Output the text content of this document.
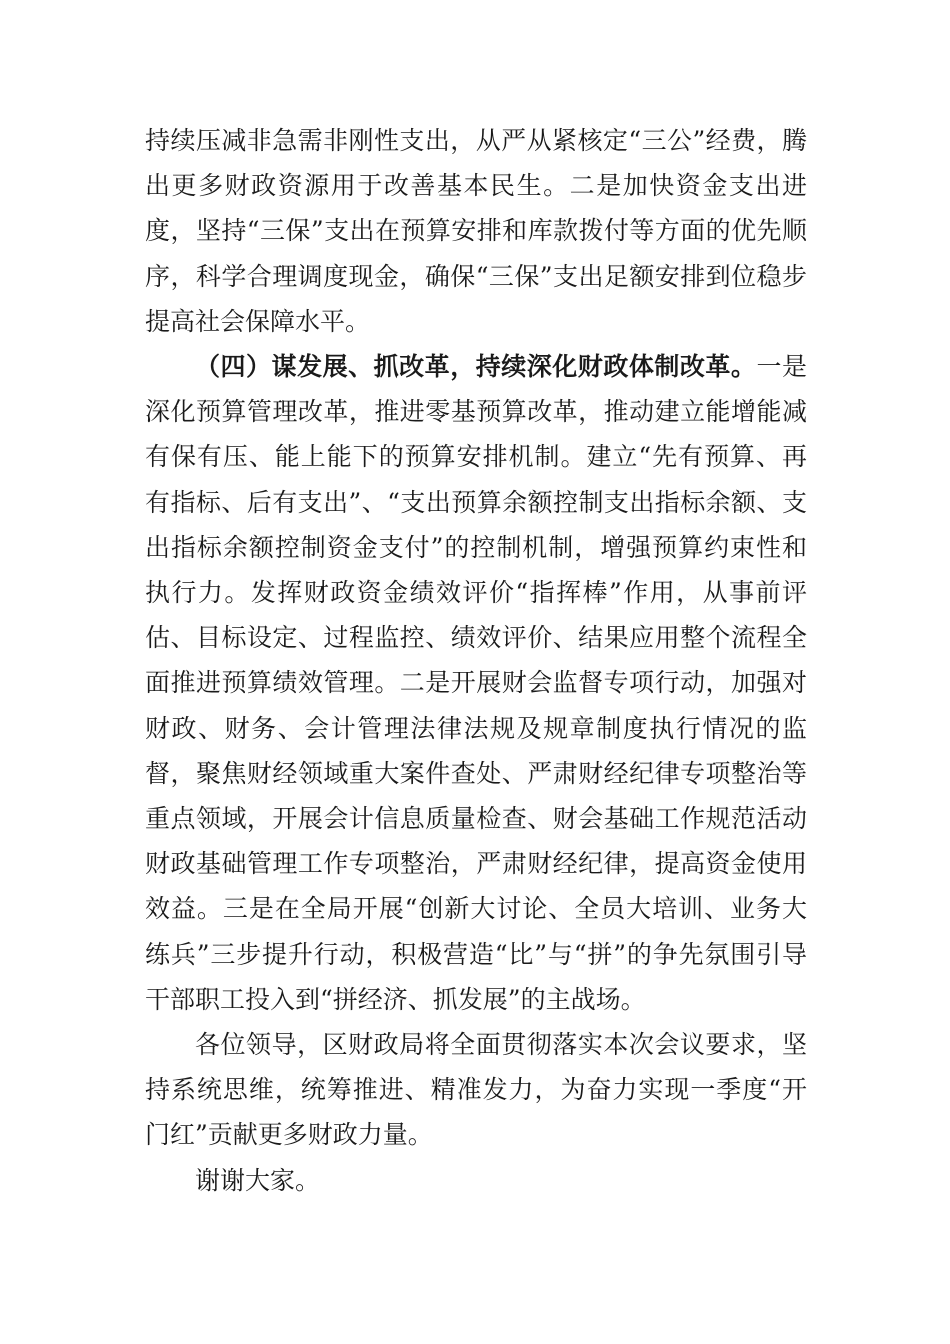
持续压减非急需非刚性支出，从严从紧核定“三公”经费，腾出更多财政资源用于改善基本民生。二是加快资金支出进度，坚持“三保”支出在预算安排和库款拨付等方面的优先顺序，科学合理调度现金，确保“三保”支出足额安排到位稳步提高社会保障水平。

（四）谋发展、抓改革，持续深化财政体制改革。一是深化预算管理改革，推进零基预算改革，推动建立能增能减有保有压、能上能下的预算安排机制。建立“先有预算、再有指标、后有支出”、“支出预算余额控制支出指标余额、支出指标余额控制资金支付”的控制机制，增强预算约束性和执行力。发挥财政资金绩效评价“指挥棒”作用，从事前评估、目标设定、过程监控、绩效评价、结果应用整个流程全面推进预算绩效管理。二是开展财会监督专项行动，加强对财政、财务、会计管理法律法规及规章制度执行情况的监督，聚焦财经领域重大案件查处、严肃财经纪律专项整治等重点领域，开展会计信息质量检查、财会基础工作规范活动财政基础管理工作专项整治，严肃财经纪律，提高资金使用效益。三是在全局开展“创新大讨论、全员大培训、业务大练兵”三步提升行动，积极营造“比”与“拼”的争先氛围引导干部职工投入到“拼经济、抓发展”的主战场。

各位领导，区财政局将全面贯彻落实本次会议要求，坚持系统思维，统筹推进、精准发力，为奋力实现一季度“开门红”贡献更多财政力量。

谢谢大家。
